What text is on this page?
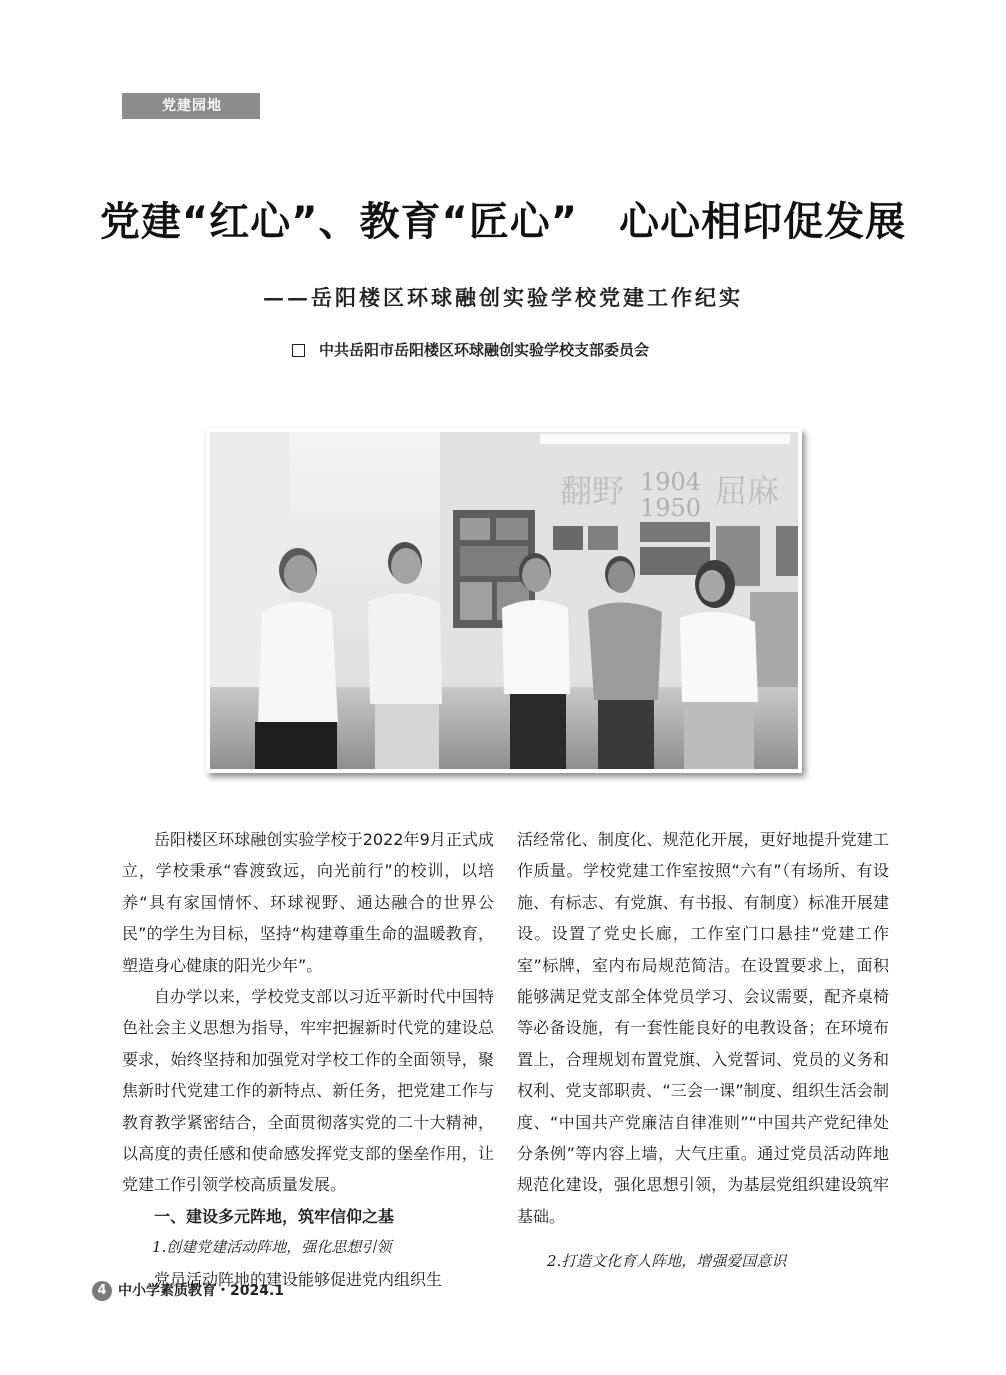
党建园地
党建“红心”、教育“匠心”　心心相印促发展
——岳阳楼区环球融创实验学校党建工作纪实
中共岳阳市岳阳楼区环球融创实验学校支部委员会
翻野 1904
1950 屈麻

岳阳楼区环球融创实验学校于2022年9月正式成立，学校秉承“睿渡致远，向光前行”的校训，以培养“具有家国情怀、环球视野、通达融合的世界公民”的学生为目标，坚持“构建尊重生命的温暖教育，塑造身心健康的阳光少年”。

自办学以来，学校党支部以习近平新时代中国特色社会主义思想为指导，牢牢把握新时代党的建设总要求，始终坚持和加强党对学校工作的全面领导，聚焦新时代党建工作的新特点、新任务，把党建工作与教育教学紧密结合，全面贯彻落实党的二十大精神，以高度的责任感和使命感发挥党支部的堡垒作用，让党建工作引领学校高质量发展。

一、建设多元阵地，筑牢信仰之基

1.创建党建活动阵地，强化思想引领

党员活动阵地的建设能够促进党内组织生

活经常化、制度化、规范化开展，更好地提升党建工作质量。学校党建工作室按照“六有”（有场所、有设施、有标志、有党旗、有书报、有制度）标准开展建设。设置了党史长廊，工作室门口悬挂“党建工作室”标牌，室内布局规范简洁。在设置要求上，面积能够满足党支部全体党员学习、会议需要，配齐桌椅等必备设施，有一套性能良好的电教设备；在环境布置上，合理规划布置党旗、入党誓词、党员的义务和权利、党支部职责、“三会一课”制度、组织生活会制度、“中国共产党廉洁自律准则”“中国共产党纪律处分条例”等内容上墙，大气庄重。通过党员活动阵地规范化建设，强化思想引领，为基层党组织建设筑牢基础。

2.打造文化育人阵地，增强爱国意识

4 中小学素质教育・2024.1
